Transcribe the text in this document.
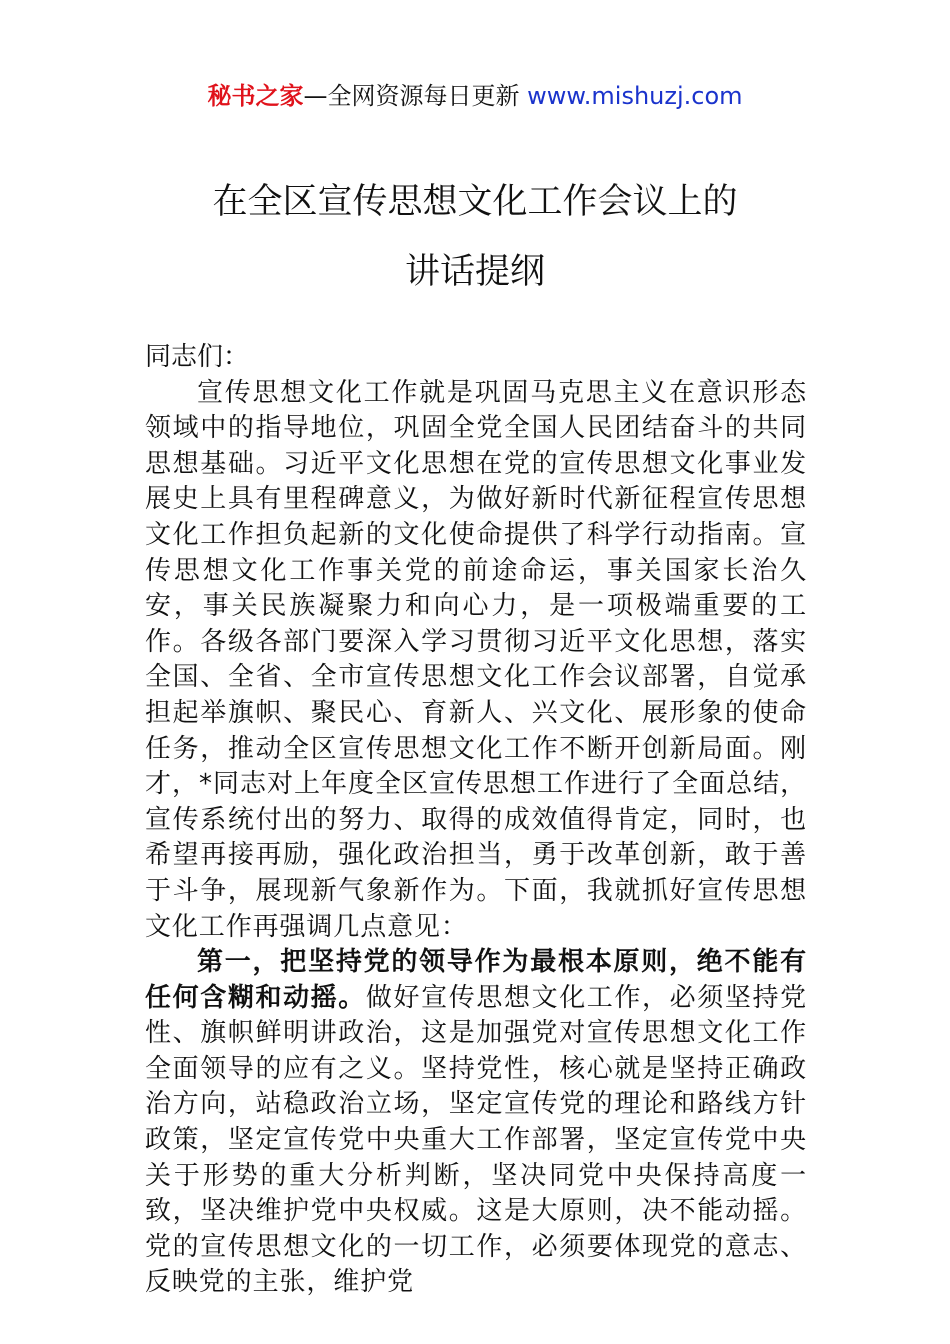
秘书之家—全网资源每日更新 www.mishuzj.com
在全区宣传思想文化工作会议上的
讲话提纲

同志们：

宣传思想文化工作就是巩固马克思主义在意识形态领域中的指导地位，巩固全党全国人民团结奋斗的共同思想基础。习近平文化思想在党的宣传思想文化事业发展史上具有里程碑意义，为做好新时代新征程宣传思想文化工作担负起新的文化使命提供了科学行动指南。宣传思想文化工作事关党的前途命运，事关国家长治久安，事关民族凝聚力和向心力，是一项极端重要的工作。各级各部门要深入学习贯彻习近平文化思想，落实全国、全省、全市宣传思想文化工作会议部署，自觉承担起举旗帜、聚民心、育新人、兴文化、展形象的使命任务，推动全区宣传思想文化工作不断开创新局面。刚才，*同志对上年度全区宣传思想工作进行了全面总结，宣传系统付出的努力、取得的成效值得肯定，同时，也希望再接再励，强化政治担当，勇于改革创新，敢于善于斗争，展现新气象新作为。下面，我就抓好宣传思想文化工作再强调几点意见：

第一，把坚持党的领导作为最根本原则，绝不能有任何含糊和动摇。做好宣传思想文化工作，必须坚持党性、旗帜鲜明讲政治，这是加强党对宣传思想文化工作全面领导的应有之义。坚持党性，核心就是坚持正确政治方向，站稳政治立场，坚定宣传党的理论和路线方针政策，坚定宣传党中央重大工作部署，坚定宣传党中央关于形势的重大分析判断，坚决同党中央保持高度一致，坚决维护党中央权威。这是大原则，决不能动摇。党的宣传思想文化的一切工作，必须要体现党的意志、反映党的主张，维护党
